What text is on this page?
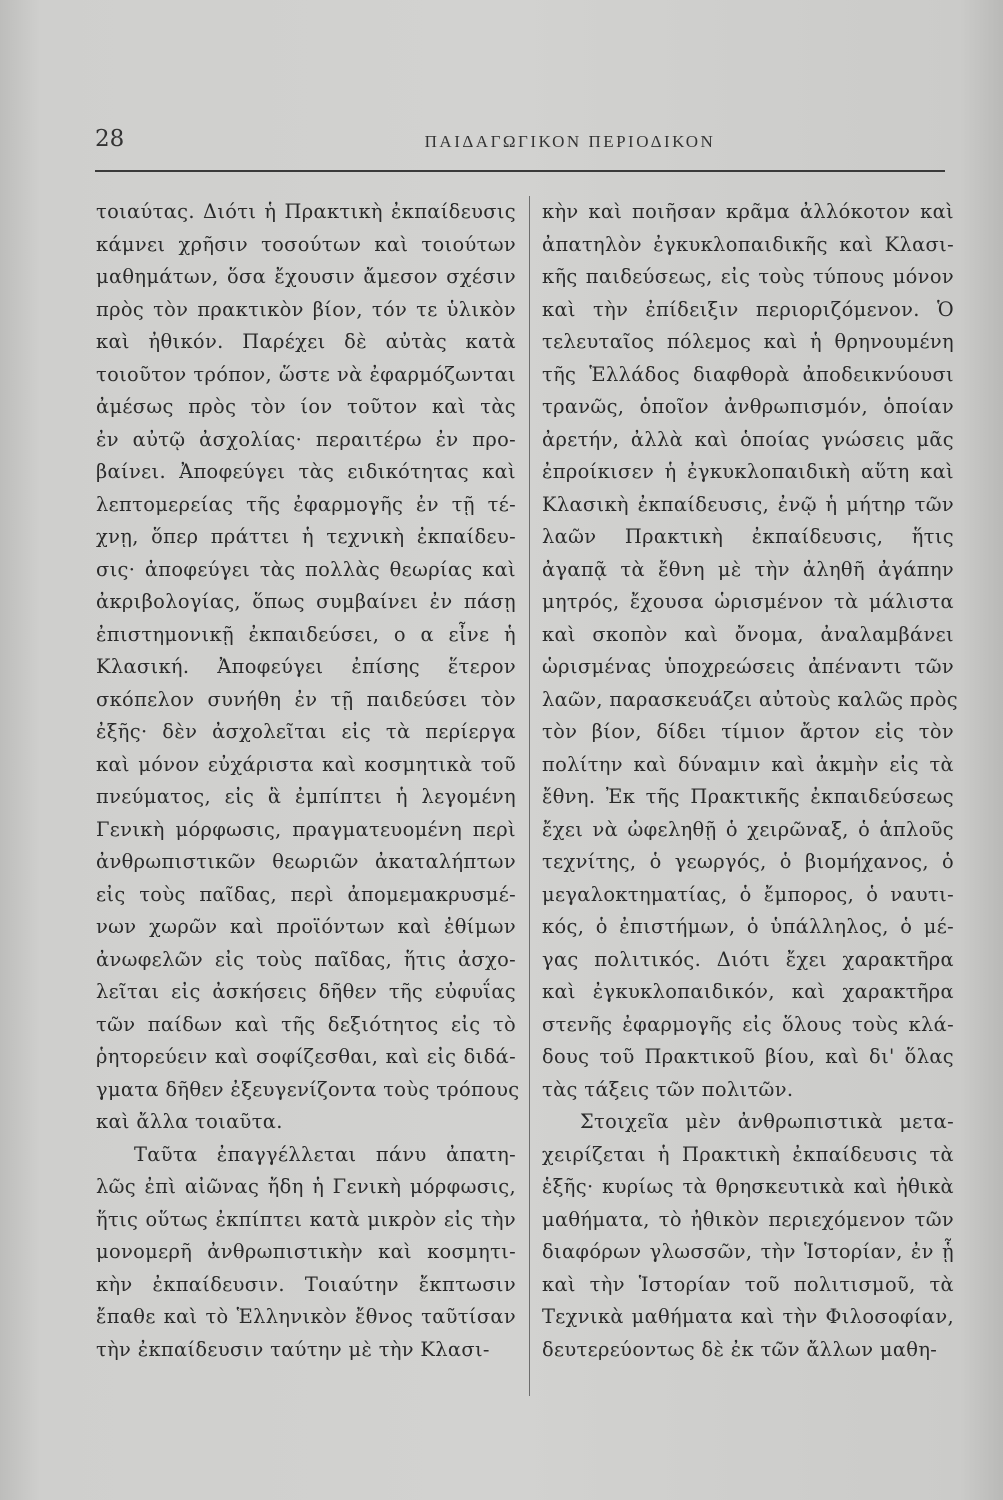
28	ΠΑΙΔΑΓΩΓΙΚΟΝ ΠΕΡΙΟΔΙΚΟΝ
τοιαύτας. Διότι ἡ Πρακτικὴ ἐκπαίδευσις
κάμνει χρῆσιν τοσούτων καὶ τοιούτων
μαθημάτων, ὅσα ἔχουσιν ἄμεσον σχέσιν
πρὸς τὸν πρακτικὸν βίον, τόν τε ὑλικὸν
καὶ ἠθικόν. Παρέχει δὲ αὐτὰς κατὰ
τοιοῦτον τρόπον, ὥστε νὰ ἐφαρμόζωνται
ἀμέσως πρὸς τὸν ίον τοῦτον καὶ τὰς
ἐν αὐτῷ ἀσχολίας· περαιτέρω ἐν προ-
βαίνει. Ἀποφεύγει τὰς ειδικότητας καὶ
λεπτομερείας τῆς ἐφαρμογῆς ἐν τῇ τέ-
χνῃ, ὅπερ πράττει ἡ τεχνικὴ ἐκπαίδευ-
σις· ἀποφεύγει τὰς πολλὰς θεωρίας καὶ
ἀκριβολογίας, ὅπως συμβαίνει ἐν πάσῃ
ἐπιστημονικῇ ἐκπαιδεύσει, ο α εἶνε ἡ
Κλασική. Ἀποφεύγει ἐπίσης ἕτερον
σκόπελον συνήθη ἐν τῇ παιδεύσει τὸν
ἐξῆς· δὲν ἀσχολεῖται εἰς τὰ περίεργα
καὶ μόνον εὐχάριστα καὶ κοσμητικὰ τοῦ
πνεύματος, εἰς ἃ ἐμπίπτει ἡ λεγομένη
Γενικὴ μόρφωσις, πραγματευομένη περὶ
ἀνθρωπιστικῶν θεωριῶν ἀκαταλήπτων
εἰς τοὺς παῖδας, περὶ ἀπομεμακρυσμέ-
νων χωρῶν καὶ προϊόντων καὶ ἐθίμων
ἀνωφελῶν εἰς τοὺς παῖδας, ἥτις ἀσχο-
λεῖται εἰς ἀσκήσεις δῆθεν τῆς εὐφυΐας
τῶν παίδων καὶ τῆς δεξιότητος εἰς τὸ
ῥητορεύειν καὶ σοφίζεσθαι, καὶ εἰς διδά-
γματα δῆθεν ἐξευγενίζοντα τοὺς τρόπους
καὶ ἄλλα τοιαῦτα.
Ταῦτα ἐπαγγέλλεται πάνυ ἀπατη-
λῶς ἐπὶ αἰῶνας ἤδη ἡ Γενικὴ μόρφωσις,
ἥτις οὕτως ἐκπίπτει κατὰ μικρὸν εἰς τὴν
μονομερῆ ἀνθρωπιστικὴν καὶ κοσμητι-
κὴν ἐκπαίδευσιν. Τοιαύτην ἔκπτωσιν
ἔπαθε καὶ τὸ Ἑλληνικὸν ἔθνος ταῦτίσαν
τὴν ἐκπαίδευσιν ταύτην μὲ τὴν Κλασι-
κὴν καὶ ποιῆσαν κρᾶμα ἀλλόκοτον καὶ
ἀπατηλὸν ἐγκυκλοπαιδικῆς καὶ Κλασι-
κῆς παιδεύσεως, εἰς τοὺς τύπους μόνον
καὶ τὴν ἐπίδειξιν περιοριζόμενον. Ὁ
τελευταῖος πόλεμος καὶ ἡ θρηνουμένη
τῆς Ἑλλάδος διαφθορὰ ἀποδεικνύουσι
τρανῶς, ὁποῖον ἀνθρωπισμόν, ὁποίαν
ἀρετήν, ἀλλὰ καὶ ὁποίας γνώσεις μᾶς
ἐπροίκισεν ἡ ἐγκυκλοπαιδικὴ αὕτη καὶ
Κλασικὴ ἐκπαίδευσις, ἐνῷ ἡ μήτηρ τῶν
λαῶν Πρακτικὴ ἐκπαίδευσις, ἥτις
ἀγαπᾷ τὰ ἔθνη μὲ τὴν ἀληθῆ ἀγάπην
μητρός, ἔχουσα ὡρισμένον τὰ μάλιστα
καὶ σκοπὸν καὶ ὄνομα, ἀναλαμβάνει
ὡρισμένας ὑποχρεώσεις ἀπέναντι τῶν
λαῶν, παρασκευάζει αὐτοὺς καλῶς πρὸς
τὸν βίον, δίδει τίμιον ἄρτον εἰς τὸν
πολίτην καὶ δύναμιν καὶ ἀκμὴν εἰς τὰ
ἔθνη. Ἐκ τῆς Πρακτικῆς ἐκπαιδεύσεως
ἔχει νὰ ὠφεληθῇ ὁ χειρῶναξ, ὁ ἁπλοῦς
τεχνίτης, ὁ γεωργός, ὁ βιομήχανος, ὁ
μεγαλοκτηματίας, ὁ ἔμπορος, ὁ ναυτι-
κός, ὁ ἐπιστήμων, ὁ ὑπάλληλος, ὁ μέ-
γας πολιτικός. Διότι ἔχει χαρακτῆρα
καὶ ἐγκυκλοπαιδικόν, καὶ χαρακτῆρα
στενῆς ἐφαρμογῆς εἰς ὅλους τοὺς κλά-
δους τοῦ Πρακτικοῦ βίου, καὶ δι' ὅλας
τὰς τάξεις τῶν πολιτῶν.
Στοιχεῖα μὲν ἀνθρωπιστικὰ μετα-
χειρίζεται ἡ Πρακτικὴ ἐκπαίδευσις τὰ
ἑξῆς· κυρίως τὰ θρησκευτικὰ καὶ ἠθικὰ
μαθήματα, τὸ ἠθικὸν περιεχόμενον τῶν
διαφόρων γλωσσῶν, τὴν Ἱστορίαν, ἐν ᾗ
καὶ τὴν Ἱστορίαν τοῦ πολιτισμοῦ, τὰ
Τεχνικὰ μαθήματα καὶ τὴν Φιλοσοφίαν,
δευτερεύοντως δὲ ἐκ τῶν ἄλλων μαθη-
